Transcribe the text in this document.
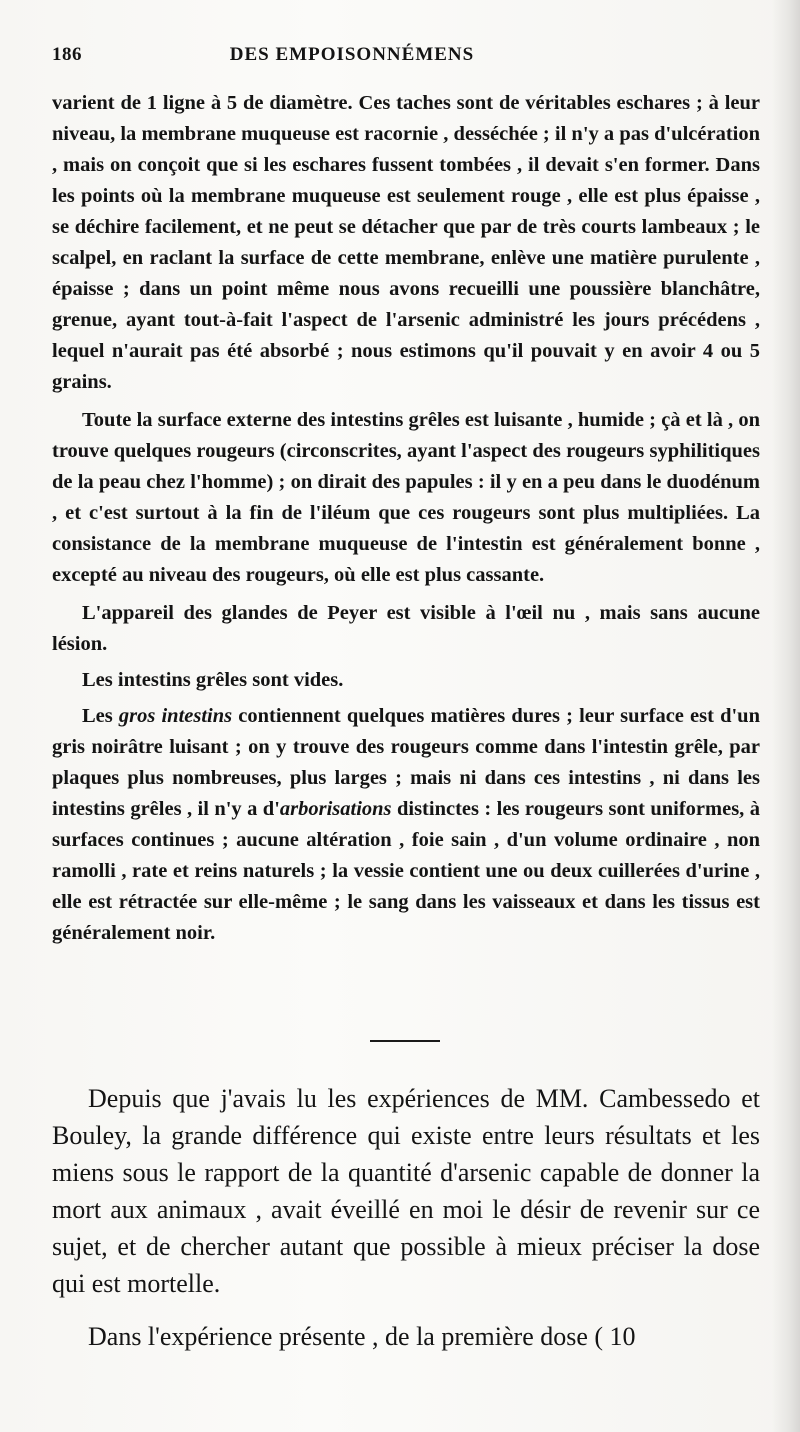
186	DES EMPOISONNÉMENS

varient de 1 ligne à 5 de diamètre. Ces taches sont de véritables eschares ; à leur niveau, la membrane muqueuse est racornie , desséchée ; il n'y a pas d'ulcération , mais on conçoit que si les eschares fussent tombées , il devait s'en former. Dans les points où la membrane muqueuse est seulement rouge , elle est plus épaisse , se déchire facilement, et ne peut se détacher que par de très courts lambeaux ; le scalpel, en raclant la surface de cette membrane, enlève une matière purulente , épaisse ; dans un point même nous avons recueilli une poussière blanchâtre, grenue, ayant tout-à-fait l'aspect de l'arsenic administré les jours précédens , lequel n'aurait pas été absorbé ; nous estimons qu'il pouvait y en avoir 4 ou 5 grains.

Toute la surface externe des intestins grêles est luisante , humide ; çà et là , on trouve quelques rougeurs (circonscrites, ayant l'aspect des rougeurs syphilitiques de la peau chez l'homme) ; on dirait des papules : il y en a peu dans le duodénum , et c'est surtout à la fin de l'iléum que ces rougeurs sont plus multipliées. La consistance de la membrane muqueuse de l'intestin est généralement bonne , excepté au niveau des rougeurs, où elle est plus cassante.

L'appareil des glandes de Peyer est visible à l'œil nu , mais sans aucune lésion.

Les intestins grêles sont vides.

Les gros intestins contiennent quelques matières dures ; leur surface est d'un gris noirâtre luisant ; on y trouve des rougeurs comme dans l'intestin grêle, par plaques plus nombreuses, plus larges ; mais ni dans ces intestins , ni dans les intestins grêles , il n'y a d'arborisations distinctes : les rougeurs sont uniformes, à surfaces continues ; aucune altération , foie sain , d'un volume ordinaire , non ramolli , rate et reins naturels ; la vessie contient une ou deux cuillerées d'urine , elle est rétractée sur elle-même ; le sang dans les vaisseaux et dans les tissus est généralement noir.

Depuis que j'avais lu les expériences de MM. Cambessedo et Bouley, la grande différence qui existe entre leurs résultats et les miens sous le rapport de la quantité d'arsenic capable de donner la mort aux animaux , avait éveillé en moi le désir de revenir sur ce sujet, et de chercher autant que possible à mieux préciser la dose qui est mortelle.

Dans l'expérience présente , de la première dose ( 10
